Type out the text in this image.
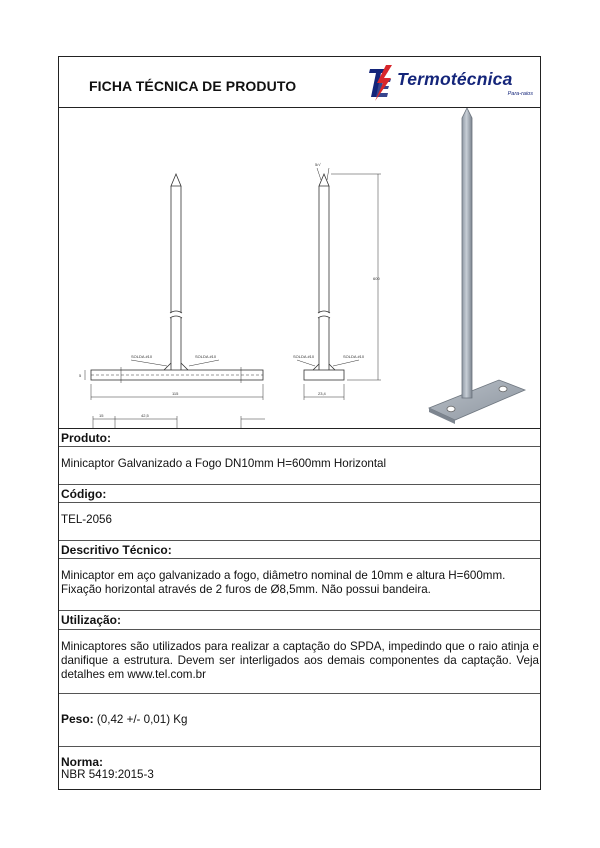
FICHA TÉCNICA DE PRODUTO	Termotécnica
Para-raios
SOLDA #10	SOLDA #10
5
115
15	42,5
5/√
600
SOLDA #10	SOLDA #10
23,4
Produto:
Minicaptor Galvanizado a Fogo DN10mm H=600mm Horizontal
Código:
TEL-2056
Descritivo Técnico:
Minicaptor em aço galvanizado a fogo, diâmetro nominal de 10mm e altura H=600mm.
Fixação horizontal através de 2 furos de Ø8,5mm. Não possui bandeira.
Utilização:
Minicaptores são utilizados para realizar a captação do SPDA, impedindo que o raio atinja e danifique a estrutura. Devem ser interligados aos demais componentes da captação. Veja detalhes em www.tel.com.br
Peso: (0,42 +/- 0,01) Kg
Norma:
NBR 5419:2015-3
